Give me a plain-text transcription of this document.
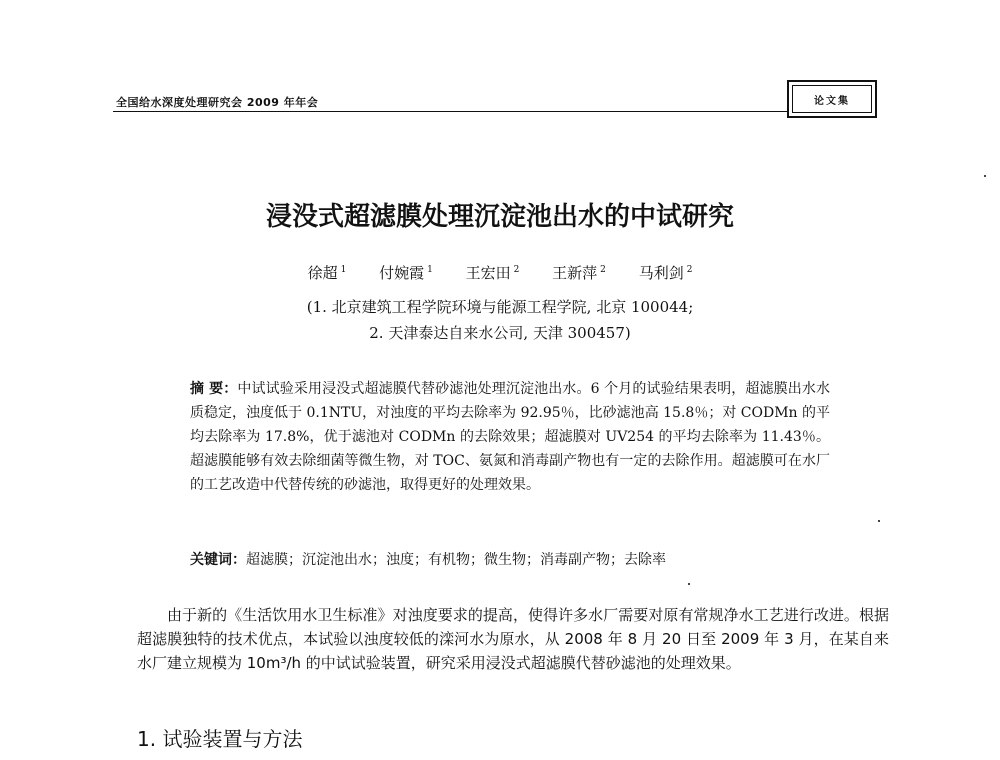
全国给水深度处理研究会 2009 年年会	论文集
浸没式超滤膜处理沉淀池出水的中试研究
徐超 $^1$ 付婉霞 $^1$ 王宏田 $^2$ 王新萍 $^2$ 马利剑 $^2$
(1. 北京建筑工程学院环境与能源工程学院, 北京 100044;
2. 天津泰达自来水公司, 天津 300457)
摘 要：中试试验采用浸没式超滤膜代替砂滤池处理沉淀池出水。6 个月的试验结果表明，超滤膜出水水质稳定，浊度低于 0.1NTU，对浊度的平均去除率为 92.95％，比砂滤池高 15.8％；对 CODMn 的平均去除率为 17.8%，优于滤池对 CODMn 的去除效果；超滤膜对 UV254 的平均去除率为 11.43％。超滤膜能够有效去除细菌等微生物，对 TOC、氨氮和消毒副产物也有一定的去除作用。超滤膜可在水厂的工艺改造中代替传统的砂滤池，取得更好的处理效果。
关键词：超滤膜；沉淀池出水；浊度；有机物；微生物；消毒副产物；去除率
由于新的《生活饮用水卫生标准》对浊度要求的提高，使得许多水厂需要对原有常规净水工艺进行改进。根据超滤膜独特的技术优点，本试验以浊度较低的滦河水为原水，从 2008 年 8 月 20 日至 2009 年 3 月，在某自来水厂建立规模为 10m³/h 的中试试验装置，研究采用浸没式超滤膜代替砂滤池的处理效果。
1. 试验装置与方法
